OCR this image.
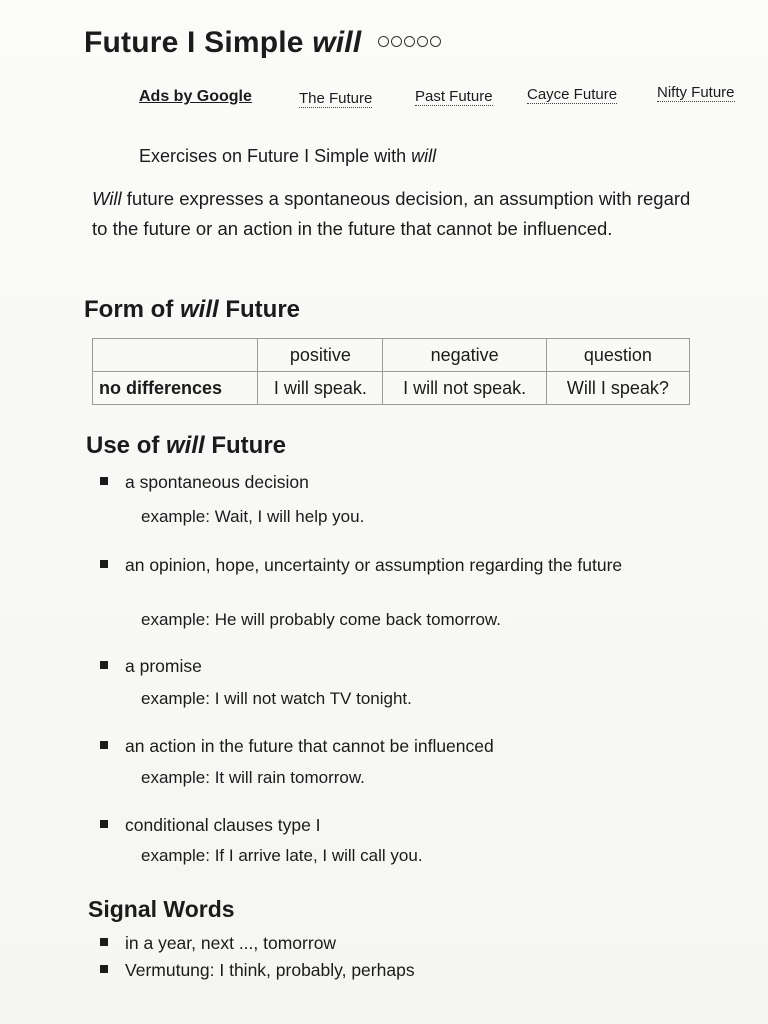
Future I Simple will
Ads by Google	The Future	Past Future Cayce Future	Nifty Future
Exercises on Future I Simple with will
Will future expresses a spontaneous decision, an assumption with regard to the future or an action in the future that cannot be influenced.
Form of will Future
	positive	negative	question
no differences	I will speak.	I will not speak.	Will I speak?
Use of will Future
a spontaneous decision
example: Wait, I will help you.
an opinion, hope, uncertainty or assumption regarding the future
example: He will probably come back tomorrow.
a promise
example: I will not watch TV tonight.
an action in the future that cannot be influenced
example: It will rain tomorrow.
conditional clauses type I
example: If I arrive late, I will call you.
Signal Words
in a year, next ..., tomorrow
Vermutung: I think, probably, perhaps
